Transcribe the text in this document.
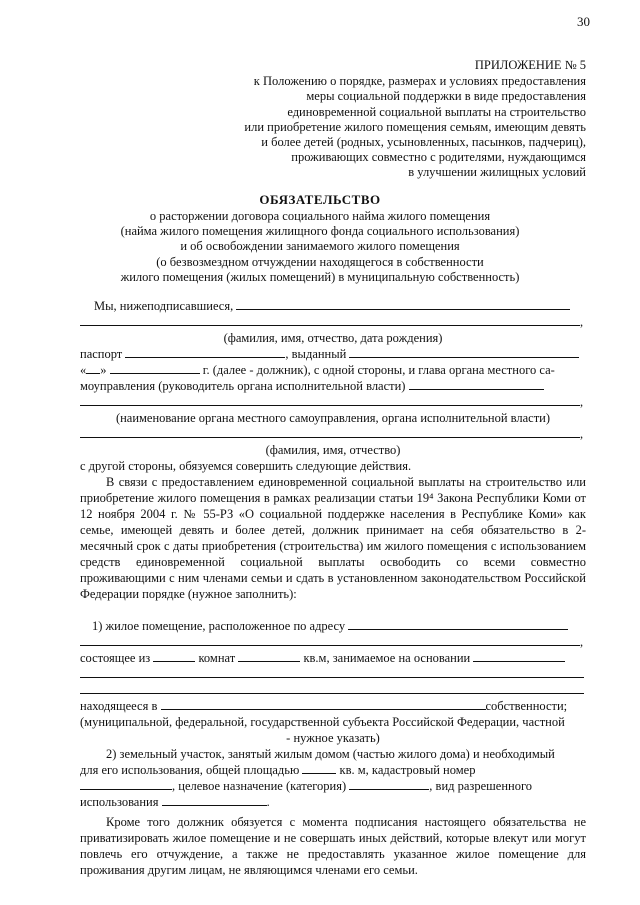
30
ПРИЛОЖЕНИЕ № 5
к Положению о порядке, размерах и условиях предоставления
меры социальной поддержки в виде предоставления
единовременной социальной выплаты на строительство
или приобретение жилого помещения семьям, имеющим девять
и более детей (родных, усыновленных, пасынков, падчериц),
проживающих совместно с родителями, нуждающимся
в улучшении жилищных условий
ОБЯЗАТЕЛЬСТВО
о расторжении договора социального найма жилого помещения
(найма жилого помещения жилищного фонда социального использования)
и об освобождении занимаемого жилого помещения
(о безвозмездном отчуждении находящегося в собственности
жилого помещения (жилых помещений) в муниципальную собственность)
Мы, нижеподписавшиеся,
,
(фамилия, имя, отчество, дата рождения)
паспорт	, выданный
« »	г. (далее - должник), с одной стороны, и глава органа местного са-
моуправления (руководитель органа исполнительной власти)
,
(наименование органа местного самоуправления, органа исполнительной власти)
,
(фамилия, имя, отчество)
с другой стороны, обязуемся совершить следующие действия.

В связи с предоставлением единовременной социальной выплаты на строительство или приобретение жилого помещения в рамках реализации статьи 19⁴ Закона Республики Коми от 12 ноября 2004 г. № 55-РЗ «О социальной поддержке населения в Республике Коми» как семье, имеющей девять и более детей, должник принимает на себя обязательство в 2-месячный срок с даты приобретения (строительства) им жилого помещения с использованием средств единовременной социальной выплаты освободить со всеми совместно проживающими с ним членами семьи и сдать в установленном законодательством Российской Федерации порядке (нужное заполнить):

1) жилое помещение, расположенное по адресу
,
состоящее из	комнат	кв.м, занимаемое на основании
находящееся в	собственности;
(муниципальной, федеральной, государственной субъекта Российской Федерации, частной
- нужное указать)
2) земельный участок, занятый жилым домом (частью жилого дома) и необходимый
для его использования, общей площадью	кв. м, кадастровый номер
, целевое назначение (категория)	, вид разрешенного
использования	.

Кроме того должник обязуется с момента подписания настоящего обязательства не приватизировать жилое помещение и не совершать иных действий, которые влекут или могут повлечь его отчуждение, а также не предоставлять указанное жилое помещение для проживания другим лицам, не являющимся членами его семьи.
